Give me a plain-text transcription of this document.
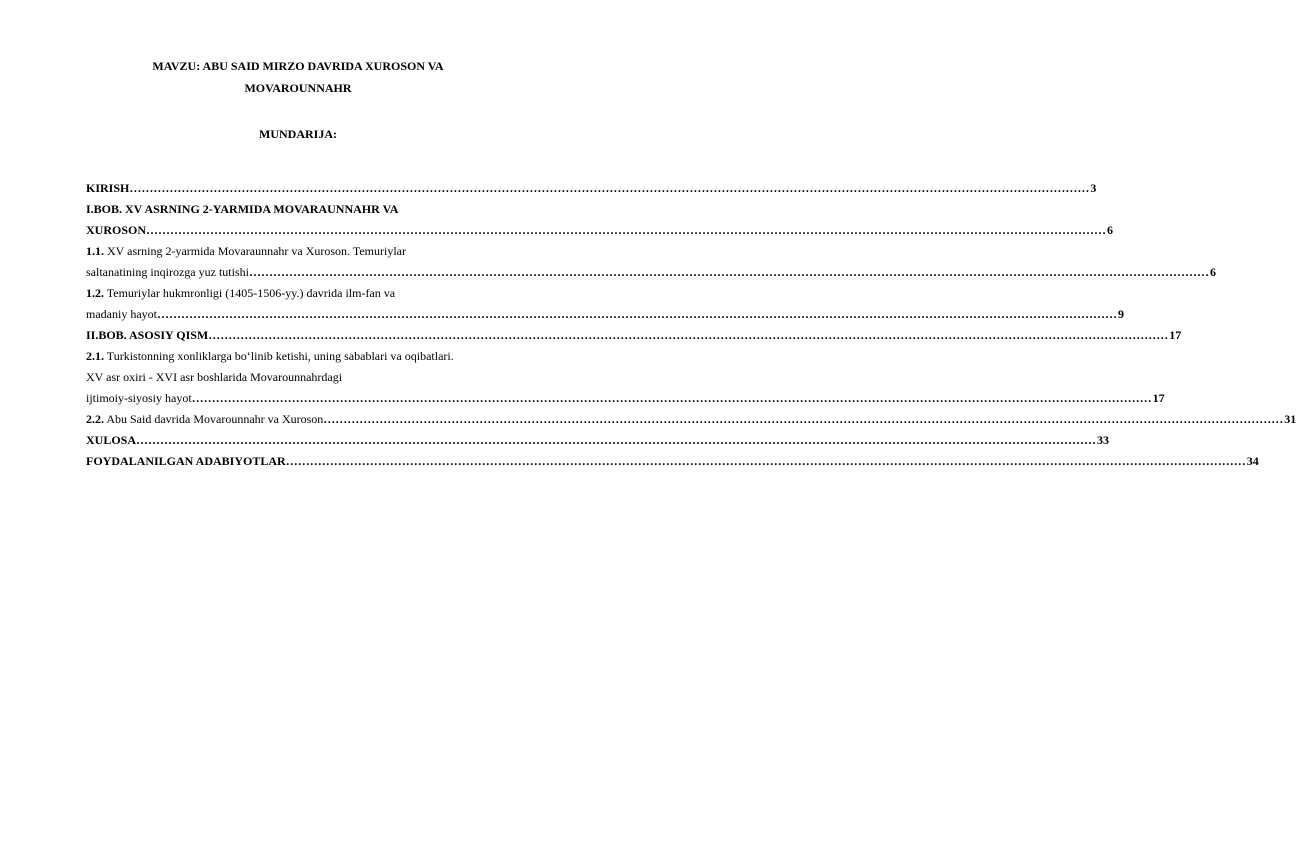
MAVZU: ABU SAID MIRZO DAVRIDA XUROSON VA

MOVAROUNNAHR

MUNDARIJA:

KIRISH …………………………………………………………………………………………………………………………………………………………………………………………………………………… 3
I.BOB. XV ASRNING 2-YARMIDA MOVARAUNNAHR VA
XUROSON …………………………………………………………………………………………………………………………………………………………………………………………………………………… 6
1.1. XV asrning 2-yarmida Movaraunnahr va Xuroson. Temuriylar
saltanatining inqirozga yuz tutishi …………………………………………………………………………………………………………………………………………………………………………………………………………………… 6
1.2. Temuriylar hukmronligi (1405-1506-yy.) davrida ilm-fan va
madaniy hayot …………………………………………………………………………………………………………………………………………………………………………………………………………………… 9
II.BOB. ASOSIY QISM …………………………………………………………………………………………………………………………………………………………………………………………………………………… 17
2.1. Turkistonning xonliklarga bo‘linib ketishi, uning sabablari va oqibatlari.
XV asr oxiri - XVI asr boshlarida Movarounnahrdagi
ijtimoiy-siyosiy hayot …………………………………………………………………………………………………………………………………………………………………………………………………………………… 17
2.2. Abu Said davrida Movarounnahr va Xuroson …………………………………………………………………………………………………………………………………………………………………………………………………………………… 31
XULOSA …………………………………………………………………………………………………………………………………………………………………………………………………………………… 33
FOYDALANILGAN ADABIYOTLAR …………………………………………………………………………………………………………………………………………………………………………………………………………………… 34
